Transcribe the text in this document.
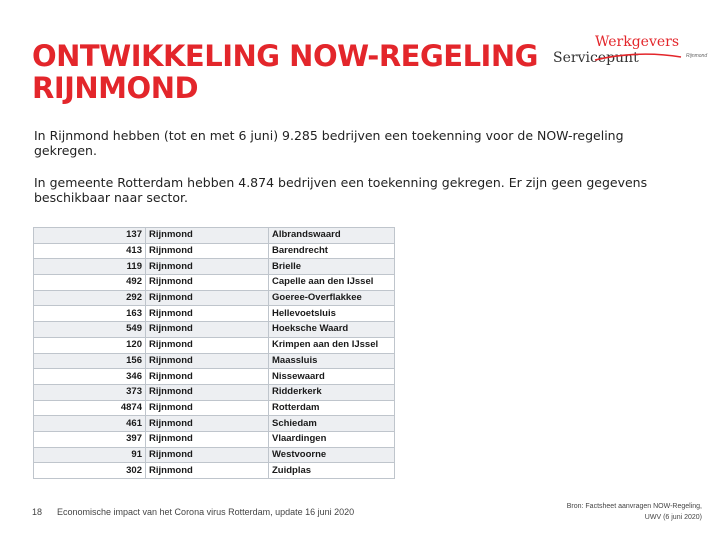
ONTWIKKELING NOW-REGELING
RIJNMOND
Werkgevers
Servicepunt	Rijnmond

In Rijnmond hebben (tot en met 6 juni) 9.285 bedrijven een toekenning voor de NOW-regeling gekregen.

In gemeente Rotterdam hebben 4.874 bedrijven een toekenning gekregen. Er zijn geen gegevens beschikbaar naar sector.

137	Rijnmond	Albrandswaard
413	Rijnmond	Barendrecht
119	Rijnmond	Brielle
492	Rijnmond	Capelle aan den IJssel
292	Rijnmond	Goeree-Overflakkee
163	Rijnmond	Hellevoetsluis
549	Rijnmond	Hoeksche Waard
120	Rijnmond	Krimpen aan den IJssel
156	Rijnmond	Maassluis
346	Rijnmond	Nissewaard
373	Rijnmond	Ridderkerk
4874	Rijnmond	Rotterdam
461	Rijnmond	Schiedam
397	Rijnmond	Vlaardingen
91	Rijnmond	Westvoorne
302	Rijnmond	Zuidplas
18 Economische impact van het Corona virus Rotterdam, update 16 juni 2020
Bron: Factsheet aanvragen NOW-Regeling,
UWV (6 juni 2020)
